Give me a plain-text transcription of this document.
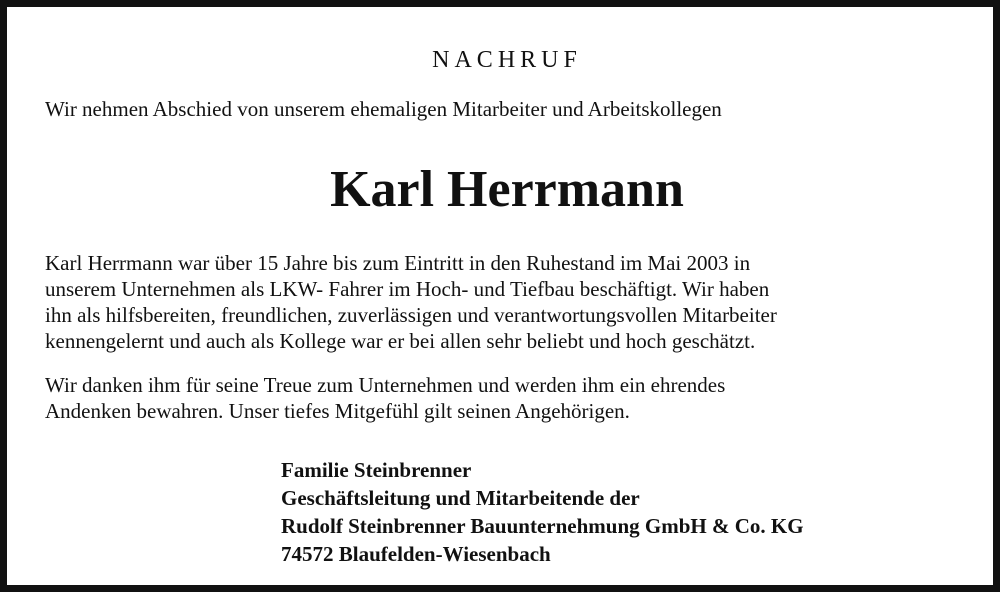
NACHRUF
Wir nehmen Abschied von unserem ehemaligen Mitarbeiter und Arbeitskollegen
Karl Herrmann
Karl Herrmann war über 15 Jahre bis zum Eintritt in den Ruhestand im Mai 2003 in
unserem Unternehmen als LKW- Fahrer im Hoch- und Tiefbau beschäftigt. Wir haben
ihn als hilfsbereiten, freundlichen, zuverlässigen und verantwortungsvollen Mitarbeiter
kennengelernt und auch als Kollege war er bei allen sehr beliebt und hoch geschätzt.
Wir danken ihm für seine Treue zum Unternehmen und werden ihm ein ehrendes
Andenken bewahren. Unser tiefes Mitgefühl gilt seinen Angehörigen.
Familie Steinbrenner
Geschäftsleitung und Mitarbeitende der
Rudolf Steinbrenner Bauunternehmung GmbH & Co. KG
74572 Blaufelden-Wiesenbach
